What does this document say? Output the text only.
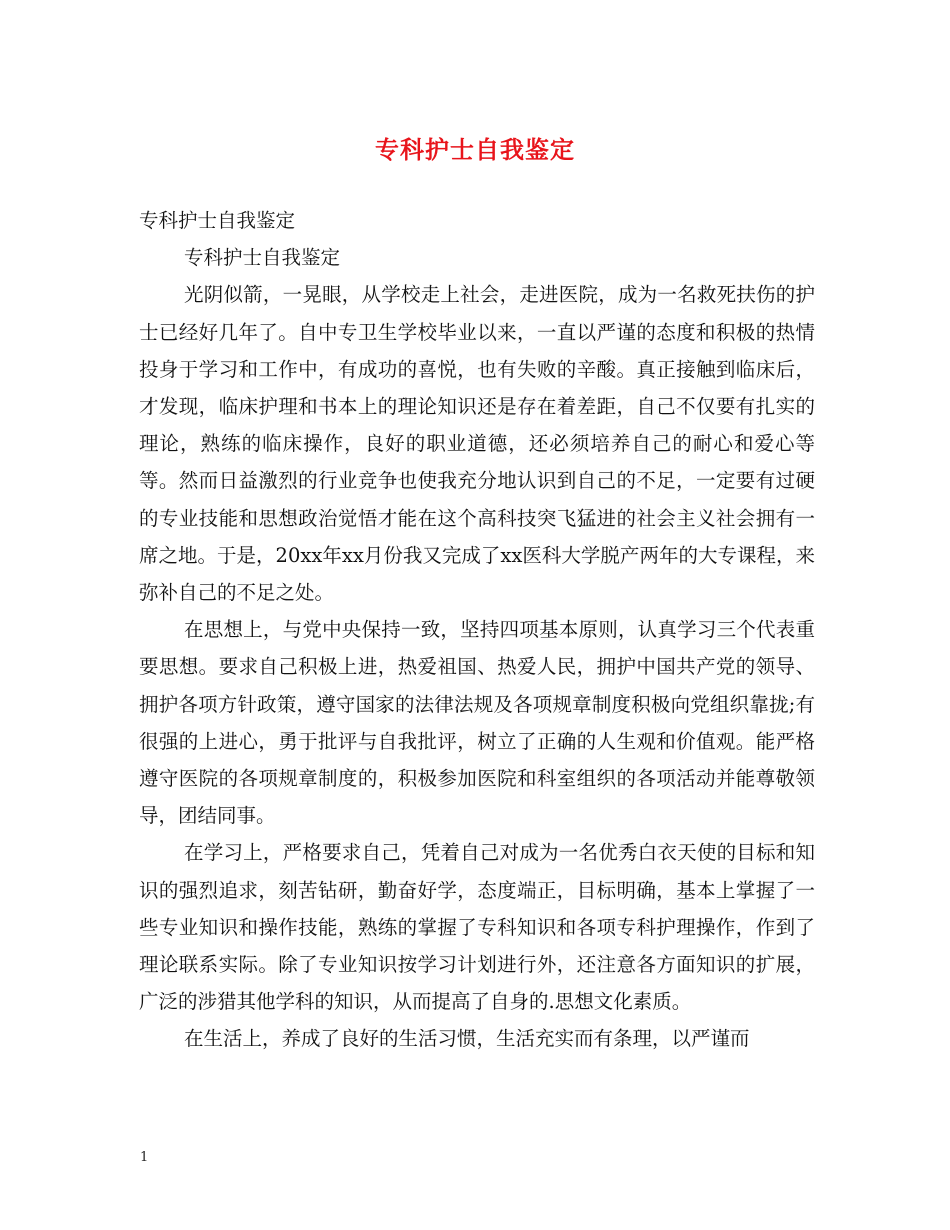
专科护士自我鉴定

专科护士自我鉴定

专科护士自我鉴定

光阴似箭，一晃眼，从学校走上社会，走进医院，成为一名救死扶伤的护士已经好几年了。自中专卫生学校毕业以来，一直以严谨的态度和积极的热情投身于学习和工作中，有成功的喜悦，也有失败的辛酸。真正接触到临床后，才发现，临床护理和书本上的理论知识还是存在着差距，自己不仅要有扎实的理论，熟练的临床操作，良好的职业道德，还必须培养自己的耐心和爱心等等。然而日益激烈的行业竞争也使我充分地认识到自己的不足，一定要有过硬的专业技能和思想政治觉悟才能在这个高科技突飞猛进的社会主义社会拥有一席之地。于是，20xx年xx月份我又完成了xx医科大学脱产两年的大专课程，来弥补自己的不足之处。

在思想上，与党中央保持一致，坚持四项基本原则，认真学习三个代表重要思想。要求自己积极上进，热爱祖国、热爱人民，拥护中国共产党的领导、拥护各项方针政策，遵守国家的法律法规及各项规章制度积极向党组织靠拢;有很强的上进心，勇于批评与自我批评，树立了正确的人生观和价值观。能严格遵守医院的各项规章制度的，积极参加医院和科室组织的各项活动并能尊敬领导，团结同事。

在学习上，严格要求自己，凭着自己对成为一名优秀白衣天使的目标和知识的强烈追求，刻苦钻研，勤奋好学，态度端正，目标明确，基本上掌握了一些专业知识和操作技能，熟练的掌握了专科知识和各项专科护理操作，作到了理论联系实际。除了专业知识按学习计划进行外，还注意各方面知识的扩展，广泛的涉猎其他学科的知识，从而提高了自身的.思想文化素质。

在生活上，养成了良好的生活习惯，生活充实而有条理，以严谨而

1
